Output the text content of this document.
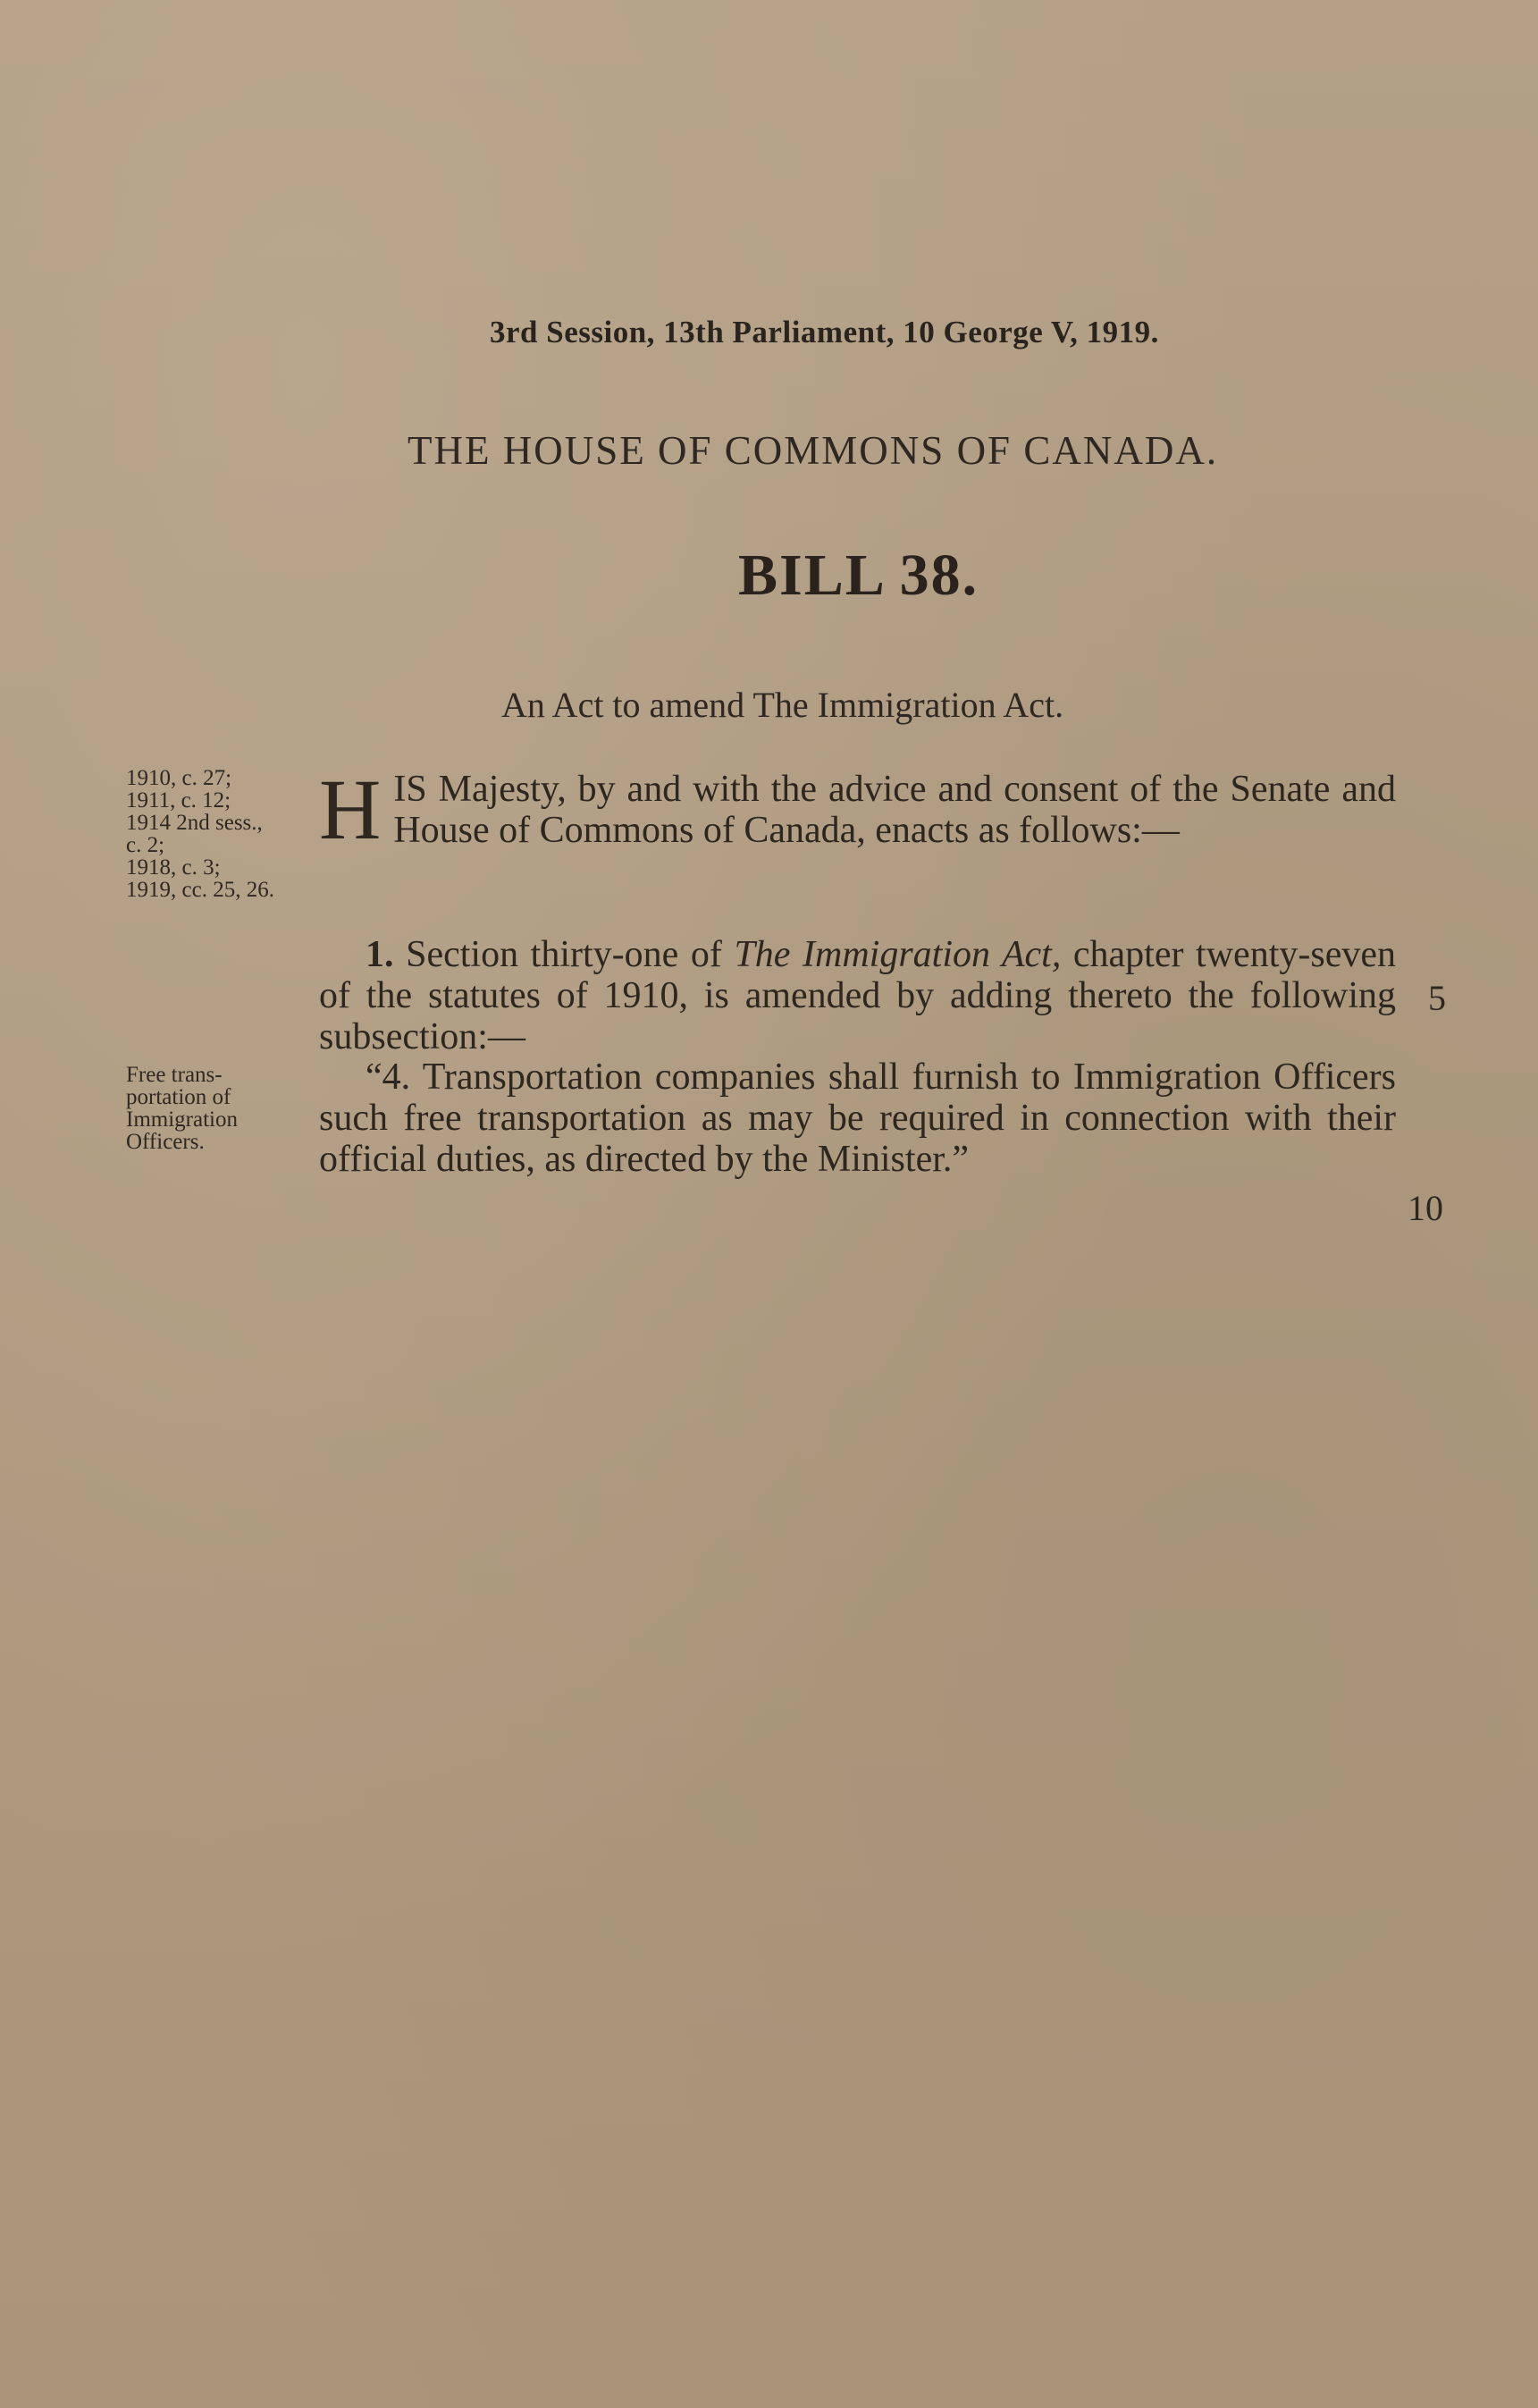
3rd Session, 13th Parliament, 10 George V, 1919.
THE HOUSE OF COMMONS OF CANADA.
BILL 38.
An Act to amend The Immigration Act.
1910, c. 27;
1911, c. 12;
1914 2nd sess.,
c. 2;
1918, c. 3;
1919, cc. 25, 26.
Free trans-
portation of
Immigration
Officers.
HIS Majesty, by and with the advice and consent of the Senate and House of Commons of Canada, enacts as follows:—
1. Section thirty-one of The Immigration Act, chapter twenty-seven of the statutes of 1910, is amended by adding thereto the following subsection:—
“4. Transportation companies shall furnish to Immigration Officers such free transportation as may be required in connection with their official duties, as directed by the Minister.”
5
10
